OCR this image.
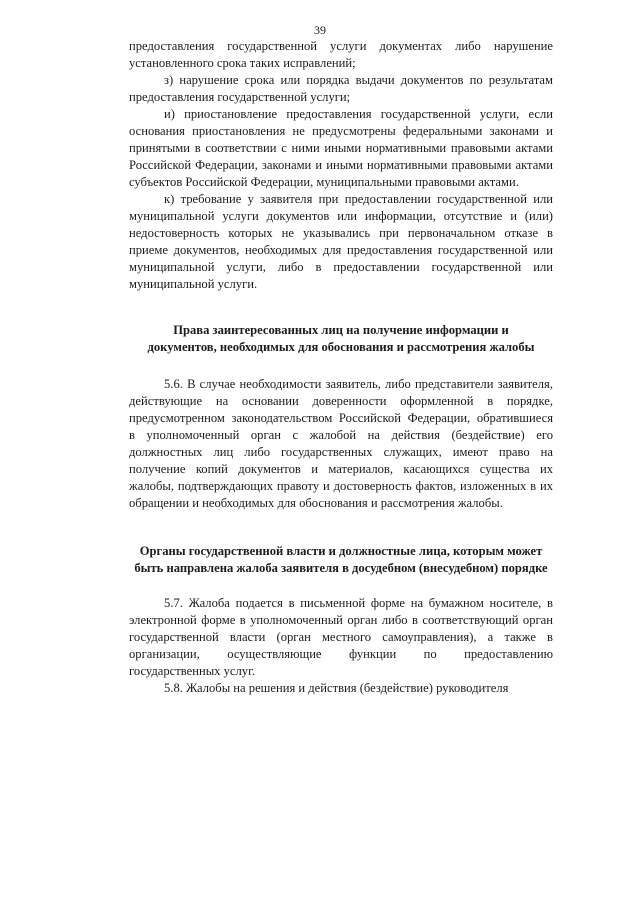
39
предоставления государственной услуги документах либо нарушение
установленного срока таких исправлений;
з) нарушение срока или порядка выдачи документов по результатам
предоставления государственной услуги;
и) приостановление предоставления государственной услуги, если
основания приостановления не предусмотрены федеральными законами и
принятыми в соответствии с ними иными нормативными правовыми актами
Российской Федерации, законами и иными нормативными правовыми актами
субъектов Российской Федерации, муниципальными правовыми актами.
к) требование у заявителя при предоставлении государственной или
муниципальной услуги документов или информации, отсутствие и (или)
недостоверность которых не указывались при первоначальном отказе в
приеме документов, необходимых для предоставления государственной или
муниципальной услуги, либо в предоставлении государственной или
муниципальной услуги.
Права заинтересованных лиц на получение информации и
документов, необходимых для обоснования и рассмотрения жалобы
5.6. В случае необходимости заявитель, либо представители заявителя,
действующие на основании доверенности оформленной в порядке,
предусмотренном законодательством Российской Федерации, обратившиеся
в уполномоченный орган с жалобой на действия (бездействие) его
должностных лиц либо государственных служащих, имеют право на
получение копий документов и материалов, касающихся существа их
жалобы, подтверждающих правоту и достоверность фактов, изложенных в их
обращении и необходимых для обоснования и рассмотрения жалобы.
Органы государственной власти и должностные лица, которым может
быть направлена жалоба заявителя в досудебном (внесудебном) порядке
5.7. Жалоба подается в письменной форме на бумажном носителе, в
электронной форме в уполномоченный орган либо в соответствующий орган
государственной власти (орган местного самоуправления), а также в
организации, осуществляющие функции по предоставлению
государственных услуг.
5.8. Жалобы на решения и действия (бездействие) руководителя
